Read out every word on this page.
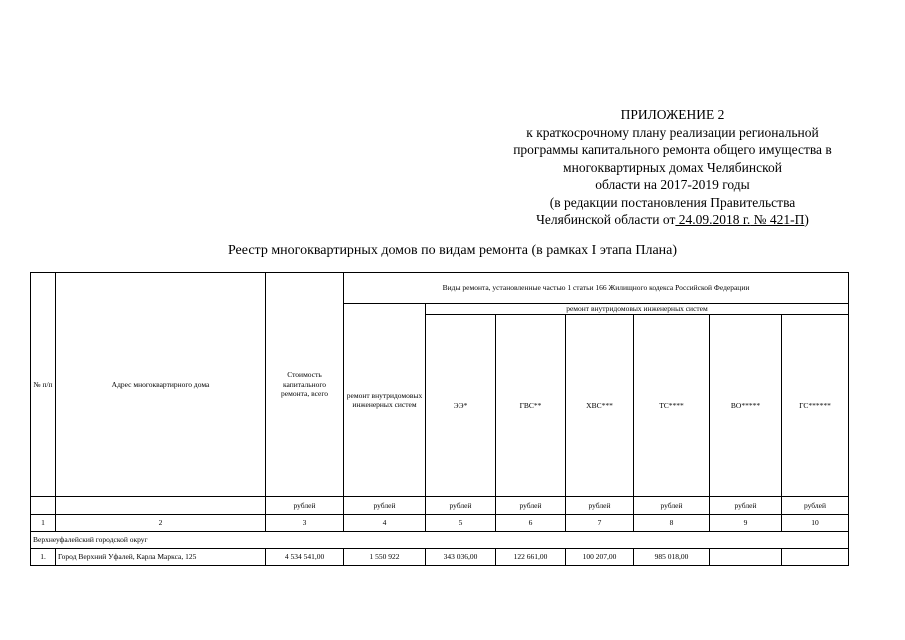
ПРИЛОЖЕНИЕ 2
к краткосрочному плану реализации региональной
программы капитального ремонта общего имущества в
многоквартирных домах Челябинской
области на 2017-2019 годы
(в редакции постановления Правительства
Челябинской области от 24.09.2018 г. № 421-П)
Реестр многоквартирных домов по видам ремонта (в рамках I этапа Плана)
№ п/п	Адрес многоквартирного дома	Стоимость капитального ремонта, всего	Виды ремонта, установленные частью 1 статьи 166 Жилищного кодекса Российской Федерации						
			ремонт внутридомовых инженерных систем	ремонт внутридомовых инженерных систем					
				ЭЭ*	ГВС**	ХВС***	ТС****	ВО*****	ГС******
		рублей	рублей	рублей	рублей	рублей	рублей	рублей	рублей
1	2	3	4	5	6	7	8	9	10
Верхнеуфалейский городской округ									
1.	Город Верхний Уфалей, Карла Маркса, 125	4 534 541,00	1 550 922	343 036,00	122 661,00	100 207,00	985 018,00		
